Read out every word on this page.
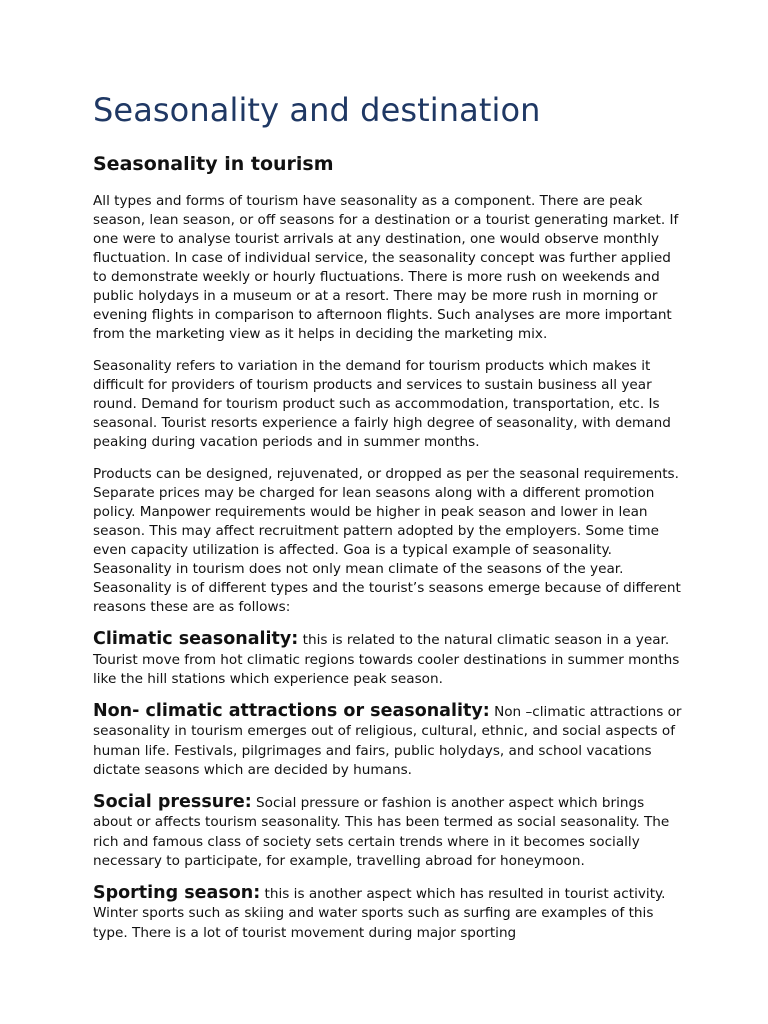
Seasonality and destination
Seasonality in tourism

All types and forms of tourism have seasonality as a component. There are peak season, lean season, or off seasons for a destination or a tourist generating market. If one were to analyse tourist arrivals at any destination, one would observe monthly fluctuation. In case of individual service, the seasonality concept was further applied to demonstrate weekly or hourly fluctuations. There is more rush on weekends and public holydays in a museum or at a resort. There may be more rush in morning or evening flights in comparison to afternoon flights. Such analyses are more important from the marketing view as it helps in deciding the marketing mix.

Seasonality refers to variation in the demand for tourism products which makes it difficult for providers of tourism products and services to sustain business all year round. Demand for tourism product such as accommodation, transportation, etc. Is seasonal. Tourist resorts experience a fairly high degree of seasonality, with demand peaking during vacation periods and in summer months.

Products can be designed, rejuvenated, or dropped as per the seasonal requirements. Separate prices may be charged for lean seasons along with a different promotion policy. Manpower requirements would be higher in peak season and lower in lean season. This may affect recruitment pattern adopted by the employers. Some time even capacity utilization is affected. Goa is a typical example of seasonality. Seasonality in tourism does not only mean climate of the seasons of the year. Seasonality is of different types and the tourist’s seasons emerge because of different reasons these are as follows:

Climatic seasonality: this is related to the natural climatic season in a year. Tourist move from hot climatic regions towards cooler destinations in summer months like the hill stations which experience peak season.

Non- climatic attractions or seasonality: Non –climatic attractions or seasonality in tourism emerges out of religious, cultural, ethnic, and social aspects of human life. Festivals, pilgrimages and fairs, public holydays, and school vacations dictate seasons which are decided by humans.

Social pressure: Social pressure or fashion is another aspect which brings about or affects tourism seasonality. This has been termed as social seasonality. The rich and famous class of society sets certain trends where in it becomes socially necessary to participate, for example, travelling abroad for honeymoon.

Sporting season: this is another aspect which has resulted in tourist activity. Winter sports such as skiing and water sports such as surfing are examples of this type. There is a lot of tourist movement during major sporting
